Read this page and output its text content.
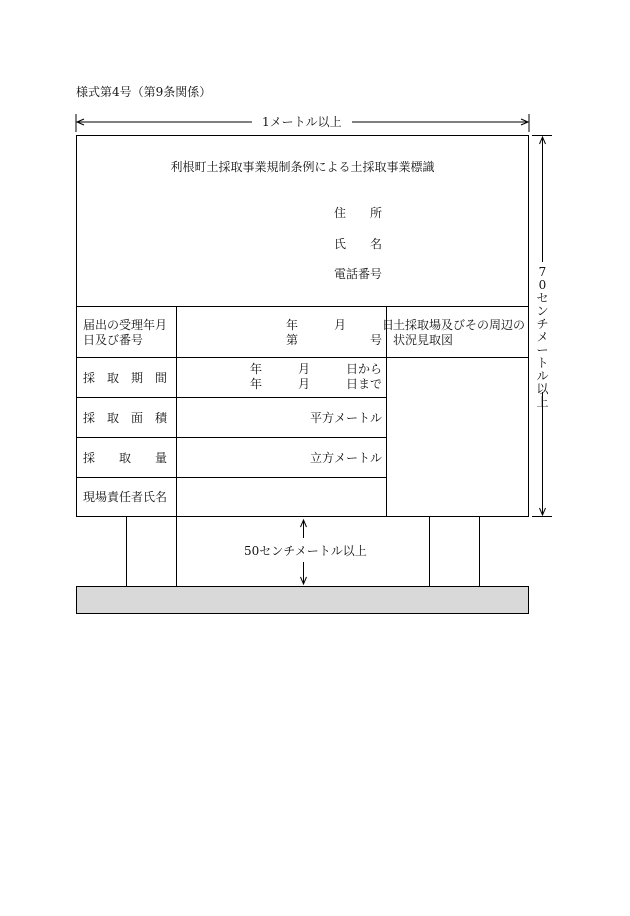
様式第4号（第9条関係）
1メートル以上
利根町土採取事業規制条例による土採取事業標識
住　　所
氏　　名
電話番号
届出の受理年月
日及び番号
年　　　月　　　日
第　　　　　　号
土採取場及びその周辺の
状況見取図
採　取　期　間
年　　　月　　　日から
年　　　月　　　日まで
採　取　面　積	平方メートル
採　　取　　量	立方メートル
現場責任者氏名
70センチメートル以上
50センチメートル以上
